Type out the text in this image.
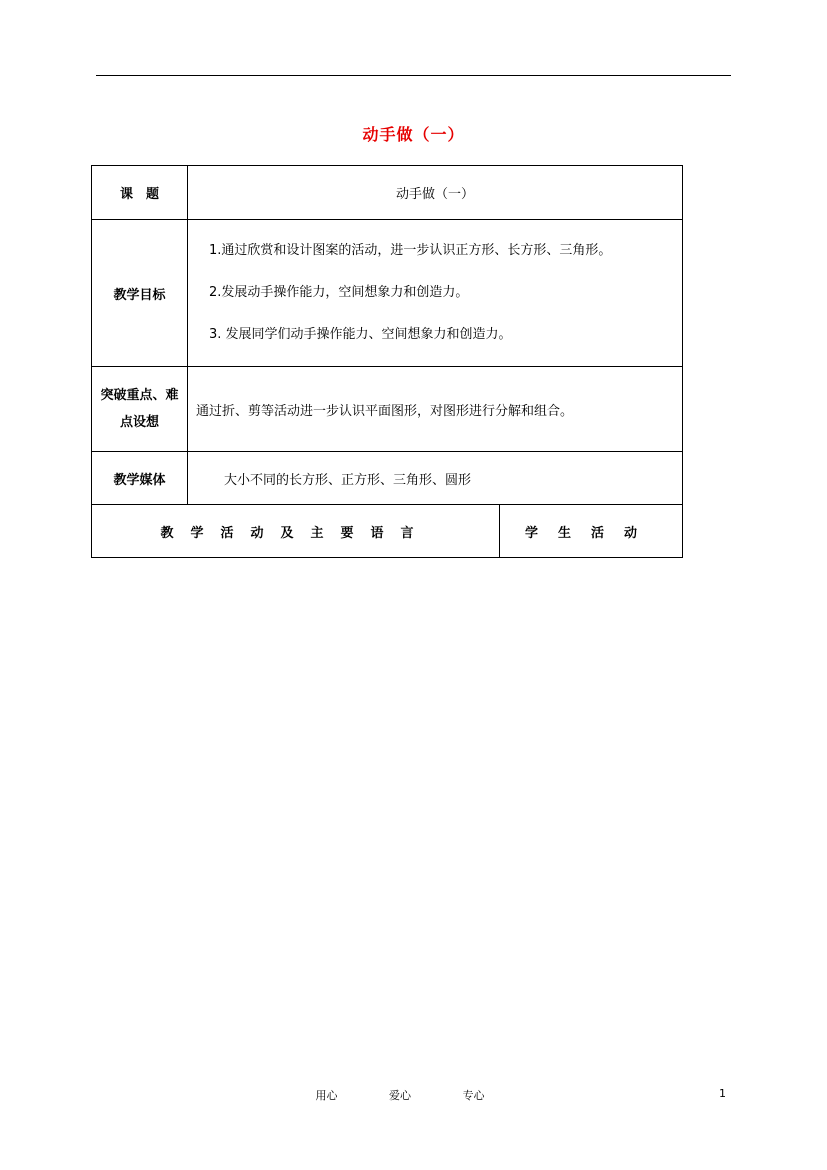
动手做（一）
课　题	动手做（一）	
教学目标	1.通过欣赏和设计图案的活动，进一步认识正方形、长方形、三角形。

2.发展动手操作能力，空间想象力和创造力。

3. 发展同学们动手操作能力、空间想象力和创造力。	

突破重点、难
点设想	通过折、剪等活动进一步认识平面图形，对图形进行分解和组合。	
教学媒体	大小不同的长方形、正方形、三角形、圆形	
教学活动及主要语言		学生活动
用心	爱心	专心	1
